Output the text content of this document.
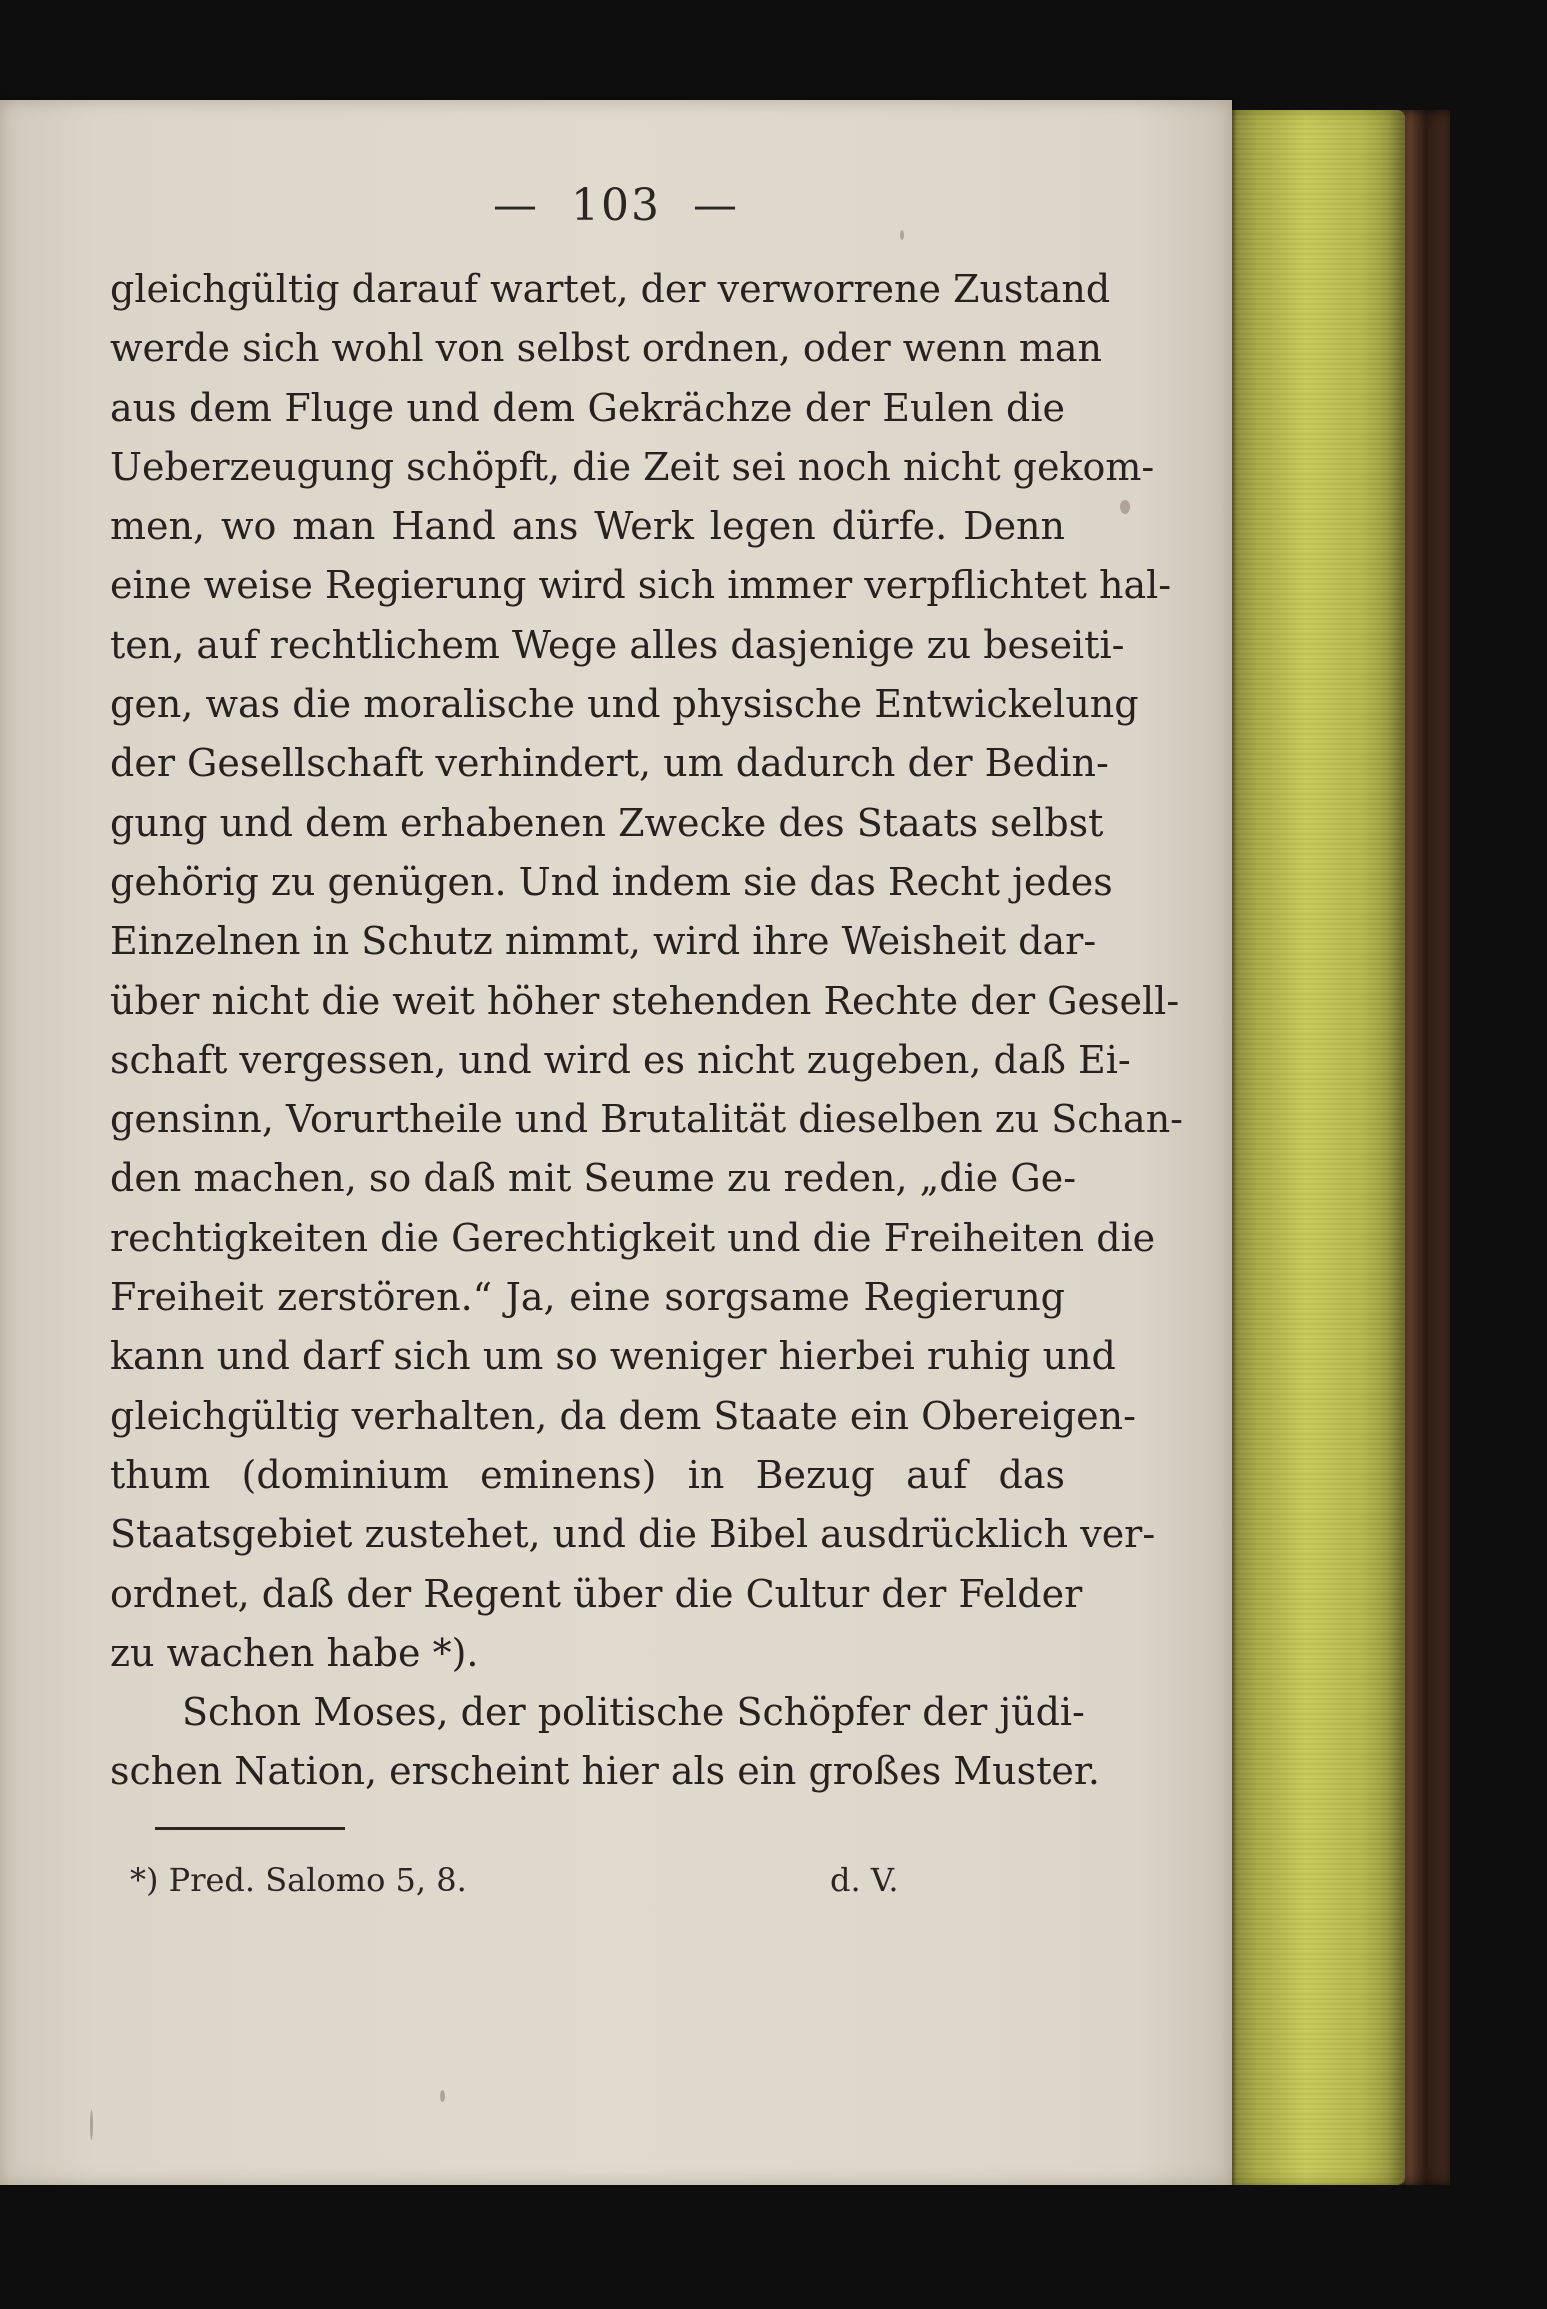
— 103 —
gleichgültig darauf wartet, der verworrene Zustand
werde sich wohl von selbst ordnen, oder wenn man
aus dem Fluge und dem Gekrächze der Eulen die
Ueberzeugung schöpft, die Zeit sei noch nicht gekom-
men, wo man Hand ans Werk legen dürfe. Denn
eine weise Regierung wird sich immer verpflichtet hal-
ten, auf rechtlichem Wege alles dasjenige zu beseiti-
gen, was die moralische und physische Entwickelung
der Gesellschaft verhindert, um dadurch der Bedin-
gung und dem erhabenen Zwecke des Staats selbst
gehörig zu genügen. Und indem sie das Recht jedes
Einzelnen in Schutz nimmt, wird ihre Weisheit dar-
über nicht die weit höher stehenden Rechte der Gesell-
schaft vergessen, und wird es nicht zugeben, daß Ei-
gensinn, Vorurtheile und Brutalität dieselben zu Schan-
den machen, so daß mit Seume zu reden, „die Ge-
rechtigkeiten die Gerechtigkeit und die Freiheiten die
Freiheit zerstören.“ Ja, eine sorgsame Regierung
kann und darf sich um so weniger hierbei ruhig und
gleichgültig verhalten, da dem Staate ein Obereigen-
thum (dominium eminens) in Bezug auf das
Staatsgebiet zustehet, und die Bibel ausdrücklich ver-
ordnet, daß der Regent über die Cultur der Felder
zu wachen habe *).
Schon Moses, der politische Schöpfer der jüdi-
schen Nation, erscheint hier als ein großes Muster.
*) Pred. Salomo 5, 8.	d. V.
